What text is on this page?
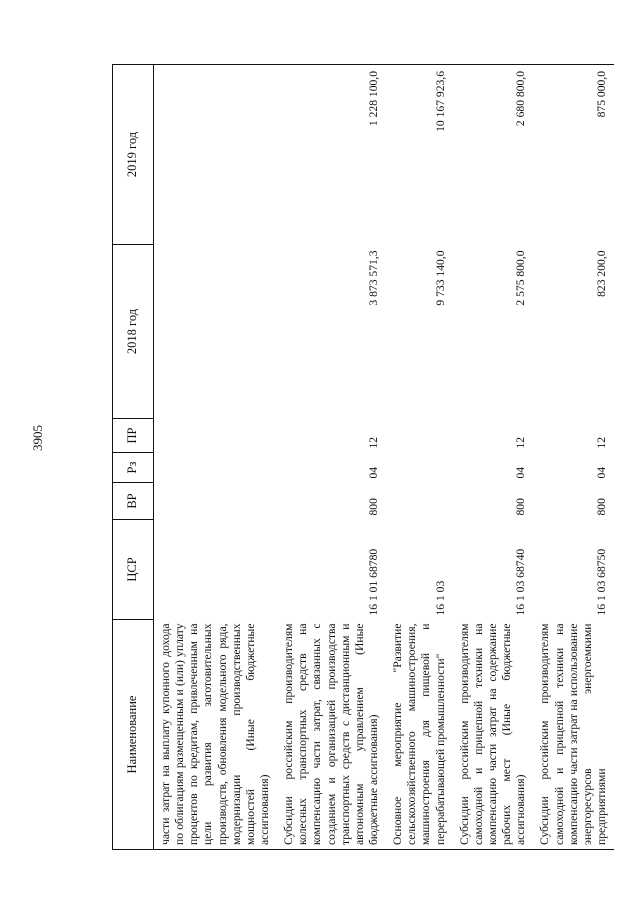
3905
Наименование	ЦСР	ВР	Рз	ПР	2018 год	2019 год
части затрат на выплату купонного дохода по облигациям размещенным и (или) уплату процентов по кредитам, привлеченным на цели развития заготовительных производств, обновления модельного ряда, модернизации производственных мощностей (Иные бюджетные ассигнования)						
Субсидии российским производителям колесных транспортных средств на компенсацию части затрат, связанных с созданием и организацией производства транспортных средств с дистанционным и автономным управлением (Иные бюджетные ассигнования)	16 1 01 68780	800	04	12	3 873 571,3	1 228 100,0
Основное мероприятие "Развитие сельскохозяйственного машиностроения, машиностроения для пищевой и перерабатывающей промышленности"	16 1 03				9 733 140,0	10 167 923,6
Субсидии российским производителям самоходной и прицепной техники на компенсацию части затрат на содержание рабочих мест (Иные бюджетные ассигнования)	16 1 03 68740	800	04	12	2 575 800,0	2 680 800,0
Субсидии российским производителям самоходной и прицепной техники на компенсацию части затрат на использование энергоресурсов энергоемкими предприятиями	16 1 03 68750	800	04	12	823 200,0	875 000,0
